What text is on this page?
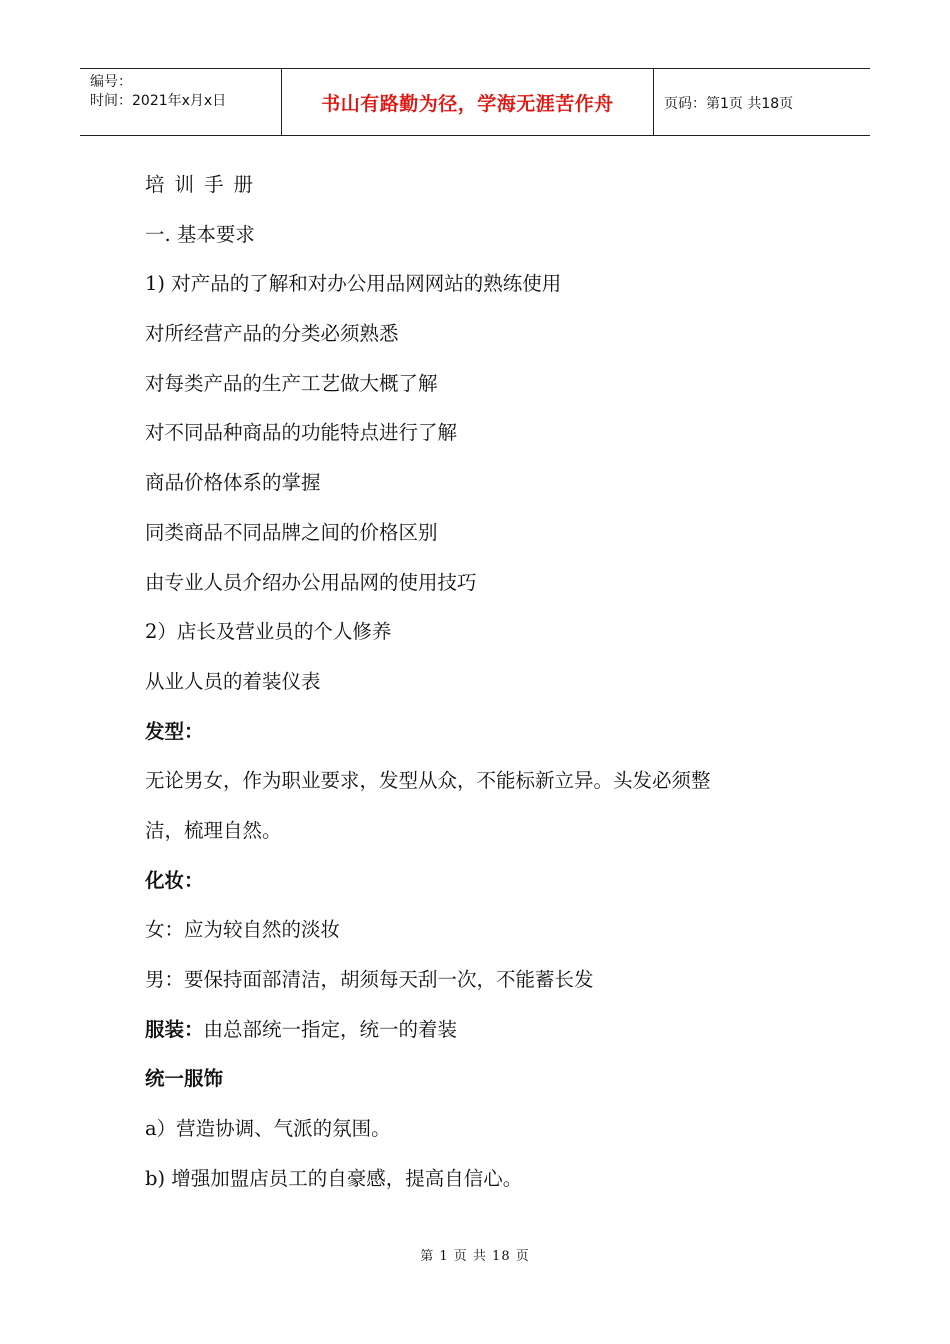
编号：
时间：2021年x月x日	书山有路勤为径，学海无涯苦作舟	页码：第1页 共18页
培训手册
一. 基本要求
1) 对产品的了解和对办公用品网网站的熟练使用
对所经营产品的分类必须熟悉
对每类产品的生产工艺做大概了解
对不同品种商品的功能特点进行了解
商品价格体系的掌握
同类商品不同品牌之间的价格区别
由专业人员介绍办公用品网的使用技巧
2）店长及营业员的个人修养
从业人员的着装仪表
发型：
无论男女，作为职业要求，发型从众，不能标新立异。头发必须整
洁，梳理自然。
化妆：
女：应为较自然的淡妆
男：要保持面部清洁，胡须每天刮一次，不能蓄长发
服装：由总部统一指定，统一的着装
统一服饰
a）营造协调、气派的氛围。
b) 增强加盟店员工的自豪感，提高自信心。
第 1 页 共 18 页
